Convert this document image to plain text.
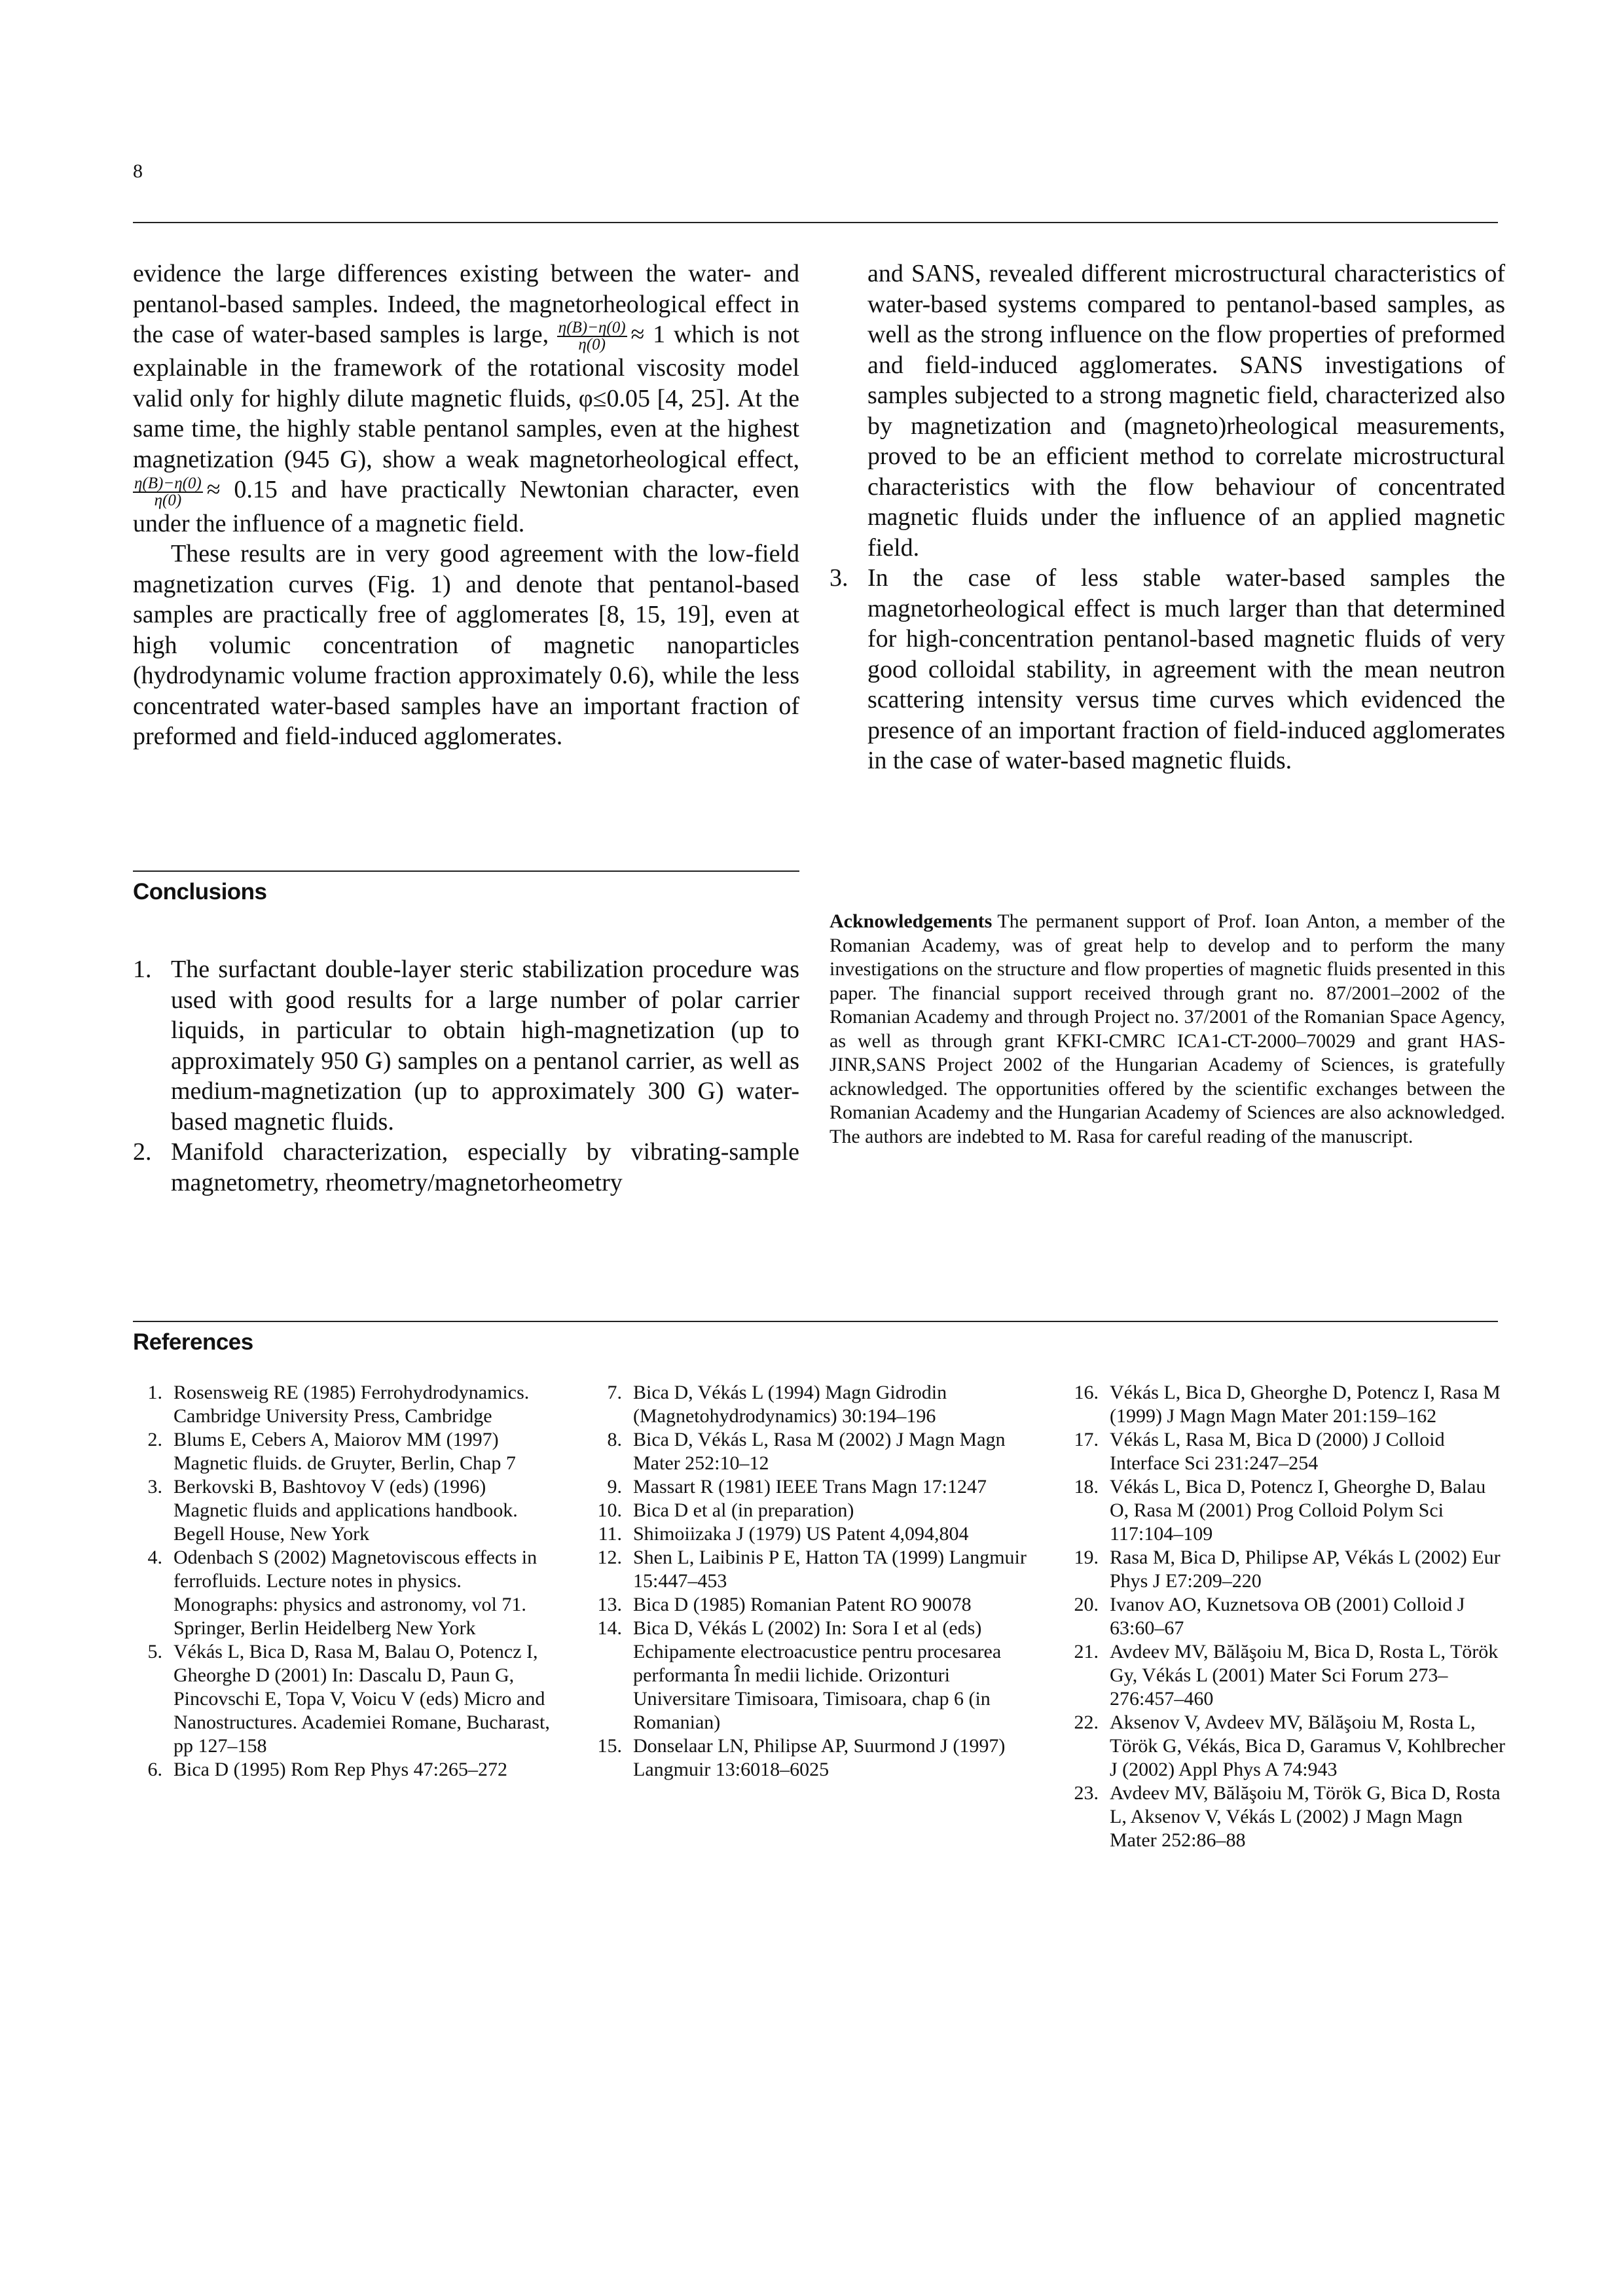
8

evidence the large differences existing between the water- and pentanol-based samples. Indeed, the magnetorheological effect in the case of water-based samples is large, $\frac{\eta(B)-\eta(0)}{\eta(0)} \approx 1$ which is not explainable in the framework of the rotational viscosity model valid only for highly dilute magnetic fluids, φ≤0.05 [4, 25]. At the same time, the highly stable pentanol samples, even at the highest magnetization (945 G), show a weak magnetorheological effect,
$\frac{\eta(B)-\eta(0)}{\eta(0)} \approx 0.15$ and have practically Newtonian character, even under the influence of a magnetic field.

These results are in very good agreement with the low-field magnetization curves (Fig. 1) and denote that pentanol-based samples are practically free of agglomerates [8, 15, 19], even at high volumic concentration of magnetic nanoparticles (hydrodynamic volume fraction approximately 0.6), while the less concentrated water-based samples have an important fraction of preformed and field-induced agglomerates.

Conclusions
1. The surfactant double-layer steric stabilization procedure was used with good results for a large number of polar carrier liquids, in particular to obtain high-magnetization (up to approximately 950 G) samples on a pentanol carrier, as well as medium-magnetization (up to approximately 300 G) water-based magnetic fluids.
2. Manifold characterization, especially by vibrating-sample magnetometry, rheometry/magnetorheometry
and SANS, revealed different microstructural characteristics of water-based systems compared to pentanol-based samples, as well as the strong influence on the flow properties of preformed and field-induced agglomerates. SANS investigations of samples subjected to a strong magnetic field, characterized also by magnetization and (magneto)rheological measurements, proved to be an efficient method to correlate microstructural characteristics with the flow behaviour of concentrated magnetic fluids under the influence of an applied magnetic field.
3. In the case of less stable water-based samples the magnetorheological effect is much larger than that determined for high-concentration pentanol-based magnetic fluids of very good colloidal stability, in agreement with the mean neutron scattering intensity versus time curves which evidenced the presence of an important fraction of field-induced agglomerates in the case of water-based magnetic fluids.
Acknowledgements The permanent support of Prof. Ioan Anton, a member of the Romanian Academy, was of great help to develop and to perform the many investigations on the structure and flow properties of magnetic fluids presented in this paper. The financial support received through grant no. 87/2001–2002 of the Romanian Academy and through Project no. 37/2001 of the Romanian Space Agency, as well as through grant KFKI-CMRC ICA1-CT-2000–70029 and grant HAS-JINR,SANS Project 2002 of the Hungarian Academy of Sciences, is gratefully acknowledged. The opportunities offered by the scientific exchanges between the Romanian Academy and the Hungarian Academy of Sciences are also acknowledged. The authors are indebted to M. Rasa for careful reading of the manuscript.
References
1. Rosensweig RE (1985) Ferrohydrodynamics. Cambridge University Press, Cambridge
2. Blums E, Cebers A, Maiorov MM (1997) Magnetic fluids. de Gruyter, Berlin, Chap 7
3. Berkovski B, Bashtovoy V (eds) (1996) Magnetic fluids and applications handbook. Begell House, New York
4. Odenbach S (2002) Magnetoviscous effects in ferrofluids. Lecture notes in physics. Monographs: physics and astronomy, vol 71. Springer, Berlin Heidelberg New York
5. Vékás L, Bica D, Rasa M, Balau O, Potencz I, Gheorghe D (2001) In: Dascalu D, Paun G, Pincovschi E, Topa V, Voicu V (eds) Micro and Nanostructures. Academiei Romane, Bucharast, pp 127–158
6. Bica D (1995) Rom Rep Phys 47:265–272
7. Bica D, Vékás L (1994) Magn Gidrodin (Magnetohydrodynamics) 30:194–196
8. Bica D, Vékás L, Rasa M (2002) J Magn Magn Mater 252:10–12
9. Massart R (1981) IEEE Trans Magn 17:1247
10. Bica D et al (in preparation)
11. Shimoiizaka J (1979) US Patent 4,094,804
12. Shen L, Laibinis P E, Hatton TA (1999) Langmuir 15:447–453
13. Bica D (1985) Romanian Patent RO 90078
14. Bica D, Vékás L (2002) In: Sora I et al (eds) Echipamente electroacustice pentru procesarea performanta În medii lichide. Orizonturi Universitare Timisoara, Timisoara, chap 6 (in Romanian)
15. Donselaar LN, Philipse AP, Suurmond J (1997) Langmuir 13:6018–6025
16. Vékás L, Bica D, Gheorghe D, Potencz I, Rasa M (1999) J Magn Magn Mater 201:159–162
17. Vékás L, Rasa M, Bica D (2000) J Colloid Interface Sci 231:247–254
18. Vékás L, Bica D, Potencz I, Gheorghe D, Balau O, Rasa M (2001) Prog Colloid Polym Sci 117:104–109
19. Rasa M, Bica D, Philipse AP, Vékás L (2002) Eur Phys J E7:209–220
20. Ivanov AO, Kuznetsova OB (2001) Colloid J 63:60–67
21. Avdeev MV, Bălăşoiu M, Bica D, Rosta L, Török Gy, Vékás L (2001) Mater Sci Forum 273–276:457–460
22. Aksenov V, Avdeev MV, Bălăşoiu M, Rosta L, Török G, Vékás, Bica D, Garamus V, Kohlbrecher J (2002) Appl Phys A 74:943
23. Avdeev MV, Bălăşoiu M, Török G, Bica D, Rosta L, Aksenov V, Vékás L (2002) J Magn Magn Mater 252:86–88
